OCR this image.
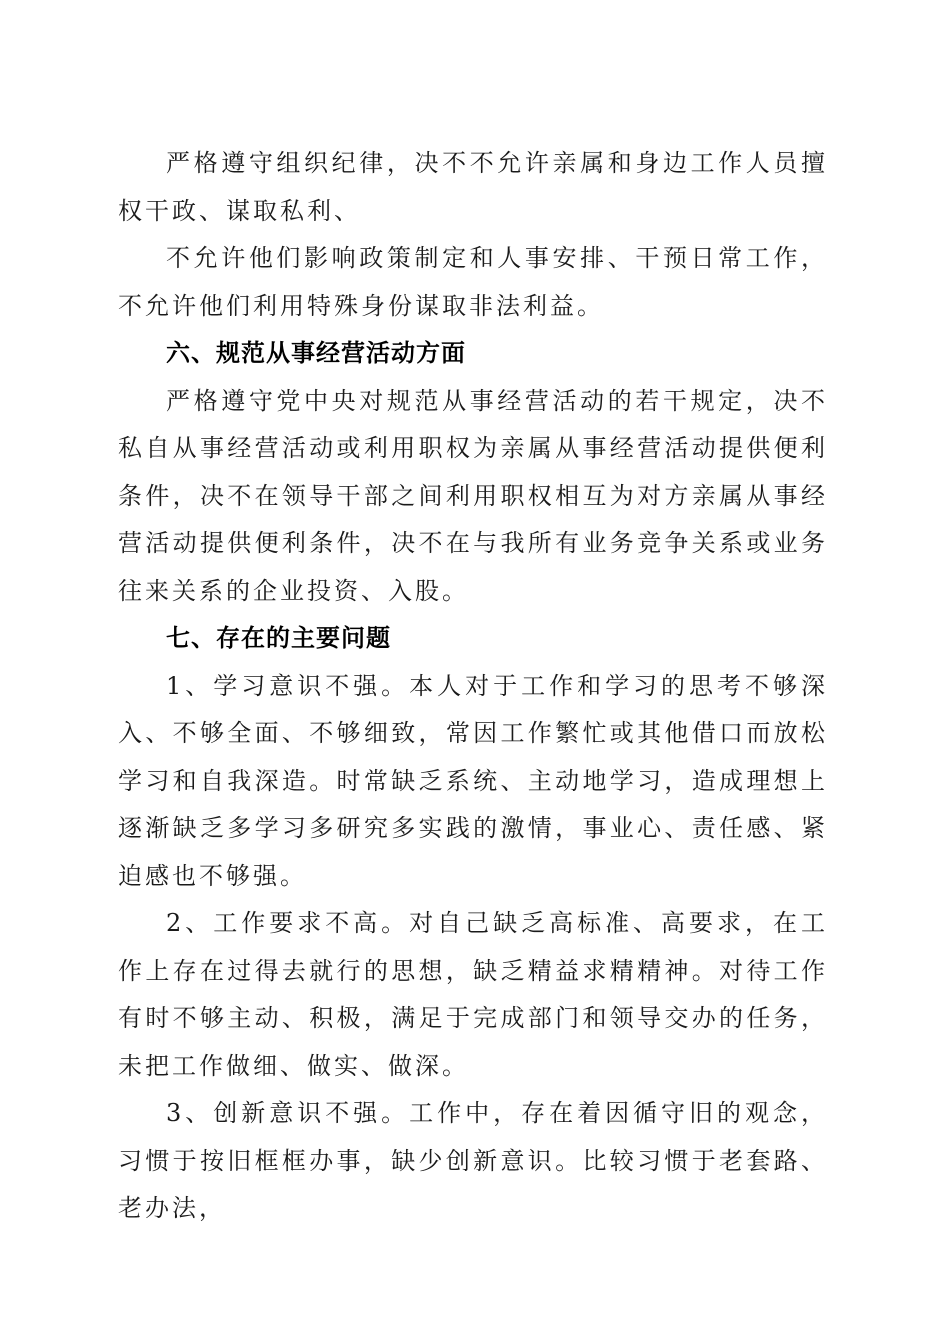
严格遵守组织纪律，决不不允许亲属和身边工作人员擅权干政、谋取私利、

不允许他们影响政策制定和人事安排、干预日常工作，不允许他们利用特殊身份谋取非法利益。

六、规范从事经营活动方面

严格遵守党中央对规范从事经营活动的若干规定，决不私自从事经营活动或利用职权为亲属从事经营活动提供便利条件，决不在领导干部之间利用职权相互为对方亲属从事经营活动提供便利条件，决不在与我所有业务竞争关系或业务往来关系的企业投资、入股。

七、存在的主要问题

1、学习意识不强。本人对于工作和学习的思考不够深入、不够全面、不够细致，常因工作繁忙或其他借口而放松学习和自我深造。时常缺乏系统、主动地学习，造成理想上逐渐缺乏多学习多研究多实践的激情，事业心、责任感、紧迫感也不够强。

2、工作要求不高。对自己缺乏高标准、高要求，在工作上存在过得去就行的思想，缺乏精益求精精神。对待工作有时不够主动、积极，满足于完成部门和领导交办的任务，未把工作做细、做实、做深。

3、创新意识不强。工作中，存在着因循守旧的观念，习惯于按旧框框办事，缺少创新意识。比较习惯于老套路、老办法，
